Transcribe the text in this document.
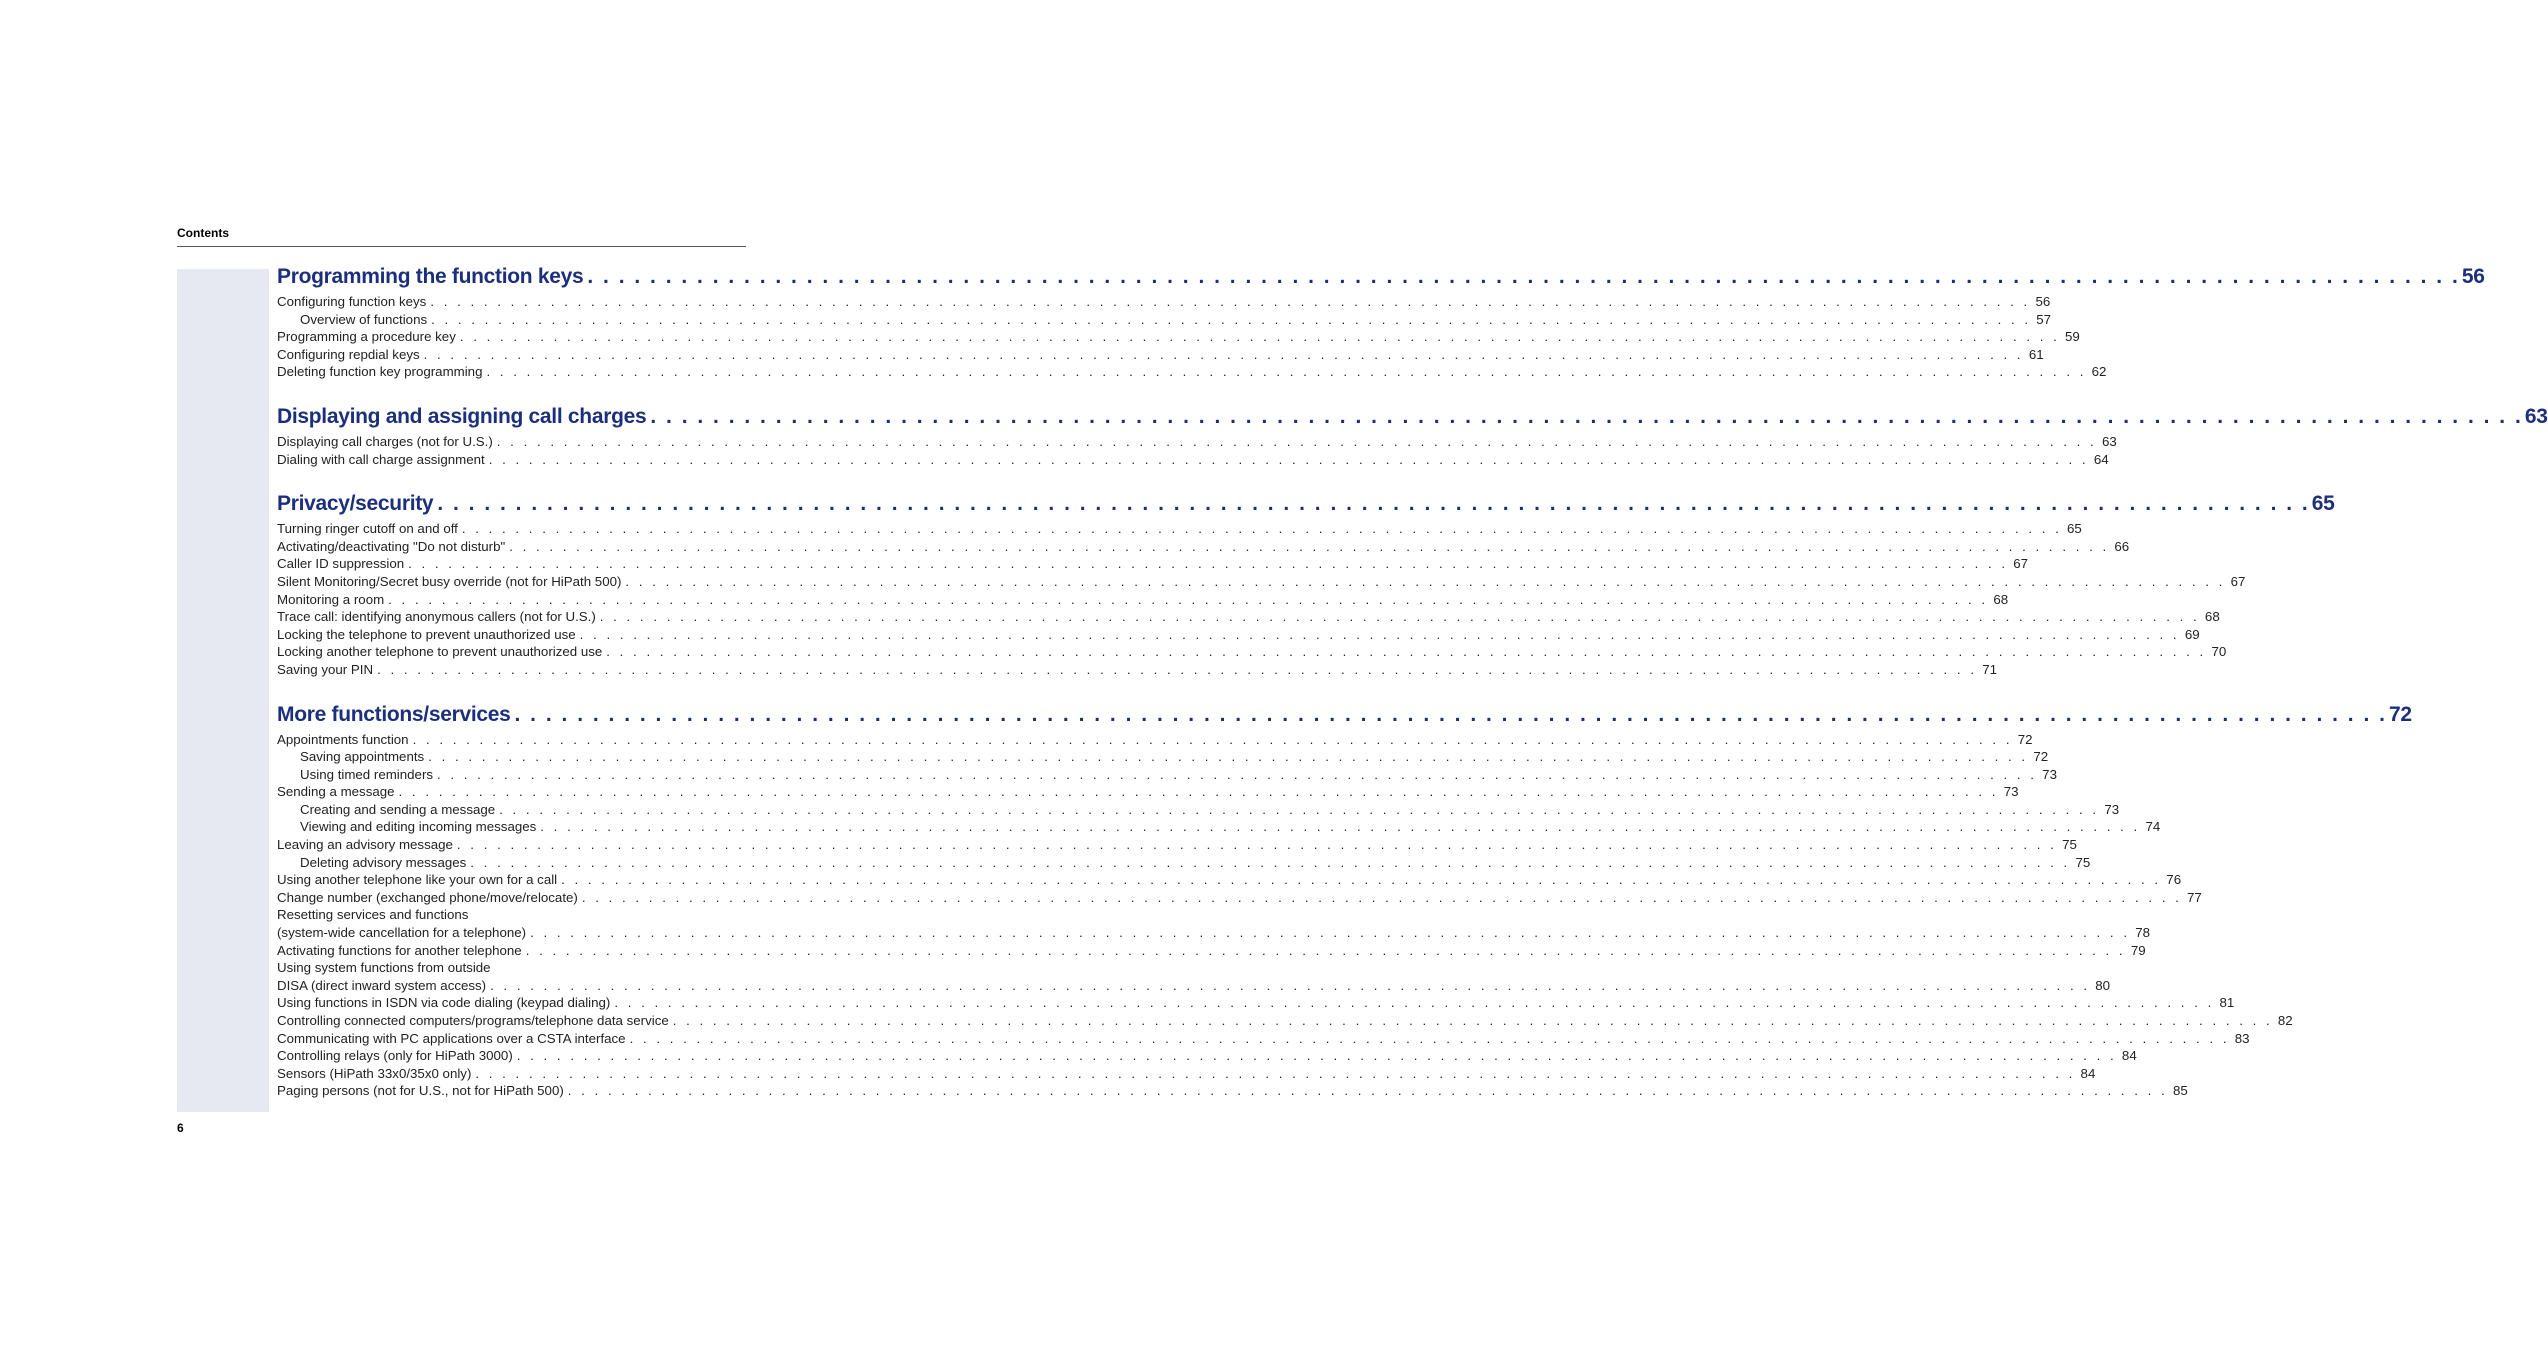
Contents
Programming the function keys . . . . . . . . . . . . . . . . . . . . . . . . . . . . . . . . . . . . . . . . . . . . . . . . . . . . . . . . . . . . . . . . . . . . . . . . . . . . . . . . . . . . . . . . . . . . . . . . . . . . . . . . . . . . . . . . . . . . . . . . 56
Configuring function keys . . . . . . . . . . . . . . . . . . . . . . . . . . . . . . . . . . . . . . . . . . . . . . . . . . . . . . . . . . . . . . . . . . . . . . . . . . . . . . . . . . . . . . . . . . . . . . . . . . . . . . . . . . . . . . . . . . . . . . . . 56
Overview of functions . . . . . . . . . . . . . . . . . . . . . . . . . . . . . . . . . . . . . . . . . . . . . . . . . . . . . . . . . . . . . . . . . . . . . . . . . . . . . . . . . . . . . . . . . . . . . . . . . . . . . . . . . . . . . . . . . . . . . . . . 57
Programming a procedure key . . . . . . . . . . . . . . . . . . . . . . . . . . . . . . . . . . . . . . . . . . . . . . . . . . . . . . . . . . . . . . . . . . . . . . . . . . . . . . . . . . . . . . . . . . . . . . . . . . . . . . . . . . . . . . . . . . . . . . . . 59
Configuring repdial keys . . . . . . . . . . . . . . . . . . . . . . . . . . . . . . . . . . . . . . . . . . . . . . . . . . . . . . . . . . . . . . . . . . . . . . . . . . . . . . . . . . . . . . . . . . . . . . . . . . . . . . . . . . . . . . . . . . . . . . . . 61
Deleting function key programming . . . . . . . . . . . . . . . . . . . . . . . . . . . . . . . . . . . . . . . . . . . . . . . . . . . . . . . . . . . . . . . . . . . . . . . . . . . . . . . . . . . . . . . . . . . . . . . . . . . . . . . . . . . . . . . . . . . . . . . . 62
Displaying and assigning call charges . . . . . . . . . . . . . . . . . . . . . . . . . . . . . . . . . . . . . . . . . . . . . . . . . . . . . . . . . . . . . . . . . . . . . . . . . . . . . . . . . . . . . . . . . . . . . . . . . . . . . . . . . . . . . . . . . . . . . . . . 63
Displaying call charges (not for U.S.) . . . . . . . . . . . . . . . . . . . . . . . . . . . . . . . . . . . . . . . . . . . . . . . . . . . . . . . . . . . . . . . . . . . . . . . . . . . . . . . . . . . . . . . . . . . . . . . . . . . . . . . . . . . . . . . . . . . . . . . . 63
Dialing with call charge assignment . . . . . . . . . . . . . . . . . . . . . . . . . . . . . . . . . . . . . . . . . . . . . . . . . . . . . . . . . . . . . . . . . . . . . . . . . . . . . . . . . . . . . . . . . . . . . . . . . . . . . . . . . . . . . . . . . . . . . . . . 64
Privacy/security . . . . . . . . . . . . . . . . . . . . . . . . . . . . . . . . . . . . . . . . . . . . . . . . . . . . . . . . . . . . . . . . . . . . . . . . . . . . . . . . . . . . . . . . . . . . . . . . . . . . . . . . . . . . . . . . . . . . . . . . 65
Turning ringer cutoff on and off . . . . . . . . . . . . . . . . . . . . . . . . . . . . . . . . . . . . . . . . . . . . . . . . . . . . . . . . . . . . . . . . . . . . . . . . . . . . . . . . . . . . . . . . . . . . . . . . . . . . . . . . . . . . . . . . . . . . . . . . 65
Activating/deactivating "Do not disturb" . . . . . . . . . . . . . . . . . . . . . . . . . . . . . . . . . . . . . . . . . . . . . . . . . . . . . . . . . . . . . . . . . . . . . . . . . . . . . . . . . . . . . . . . . . . . . . . . . . . . . . . . . . . . . . . . . . . . . . . . 66
Caller ID suppression . . . . . . . . . . . . . . . . . . . . . . . . . . . . . . . . . . . . . . . . . . . . . . . . . . . . . . . . . . . . . . . . . . . . . . . . . . . . . . . . . . . . . . . . . . . . . . . . . . . . . . . . . . . . . . . . . . . . . . . . 67
Silent Monitoring/Secret busy override (not for HiPath 500) . . . . . . . . . . . . . . . . . . . . . . . . . . . . . . . . . . . . . . . . . . . . . . . . . . . . . . . . . . . . . . . . . . . . . . . . . . . . . . . . . . . . . . . . . . . . . . . . . . . . . . . . . . . . . . . . . . . . . . . . 67
Monitoring a room . . . . . . . . . . . . . . . . . . . . . . . . . . . . . . . . . . . . . . . . . . . . . . . . . . . . . . . . . . . . . . . . . . . . . . . . . . . . . . . . . . . . . . . . . . . . . . . . . . . . . . . . . . . . . . . . . . . . . . . . 68
Trace call: identifying anonymous callers (not for U.S.) . . . . . . . . . . . . . . . . . . . . . . . . . . . . . . . . . . . . . . . . . . . . . . . . . . . . . . . . . . . . . . . . . . . . . . . . . . . . . . . . . . . . . . . . . . . . . . . . . . . . . . . . . . . . . . . . . . . . . . . . 68
Locking the telephone to prevent unauthorized use . . . . . . . . . . . . . . . . . . . . . . . . . . . . . . . . . . . . . . . . . . . . . . . . . . . . . . . . . . . . . . . . . . . . . . . . . . . . . . . . . . . . . . . . . . . . . . . . . . . . . . . . . . . . . . . . . . . . . . . . 69
Locking another telephone to prevent unauthorized use . . . . . . . . . . . . . . . . . . . . . . . . . . . . . . . . . . . . . . . . . . . . . . . . . . . . . . . . . . . . . . . . . . . . . . . . . . . . . . . . . . . . . . . . . . . . . . . . . . . . . . . . . . . . . . . . . . . . . . . . 70
Saving your PIN . . . . . . . . . . . . . . . . . . . . . . . . . . . . . . . . . . . . . . . . . . . . . . . . . . . . . . . . . . . . . . . . . . . . . . . . . . . . . . . . . . . . . . . . . . . . . . . . . . . . . . . . . . . . . . . . . . . . . . . . 71
More functions/services . . . . . . . . . . . . . . . . . . . . . . . . . . . . . . . . . . . . . . . . . . . . . . . . . . . . . . . . . . . . . . . . . . . . . . . . . . . . . . . . . . . . . . . . . . . . . . . . . . . . . . . . . . . . . . . . . . . . . . . . 72
Appointments function . . . . . . . . . . . . . . . . . . . . . . . . . . . . . . . . . . . . . . . . . . . . . . . . . . . . . . . . . . . . . . . . . . . . . . . . . . . . . . . . . . . . . . . . . . . . . . . . . . . . . . . . . . . . . . . . . . . . . . . . 72
Saving appointments . . . . . . . . . . . . . . . . . . . . . . . . . . . . . . . . . . . . . . . . . . . . . . . . . . . . . . . . . . . . . . . . . . . . . . . . . . . . . . . . . . . . . . . . . . . . . . . . . . . . . . . . . . . . . . . . . . . . . . . . 72
Using timed reminders . . . . . . . . . . . . . . . . . . . . . . . . . . . . . . . . . . . . . . . . . . . . . . . . . . . . . . . . . . . . . . . . . . . . . . . . . . . . . . . . . . . . . . . . . . . . . . . . . . . . . . . . . . . . . . . . . . . . . . . . 73
Sending a message . . . . . . . . . . . . . . . . . . . . . . . . . . . . . . . . . . . . . . . . . . . . . . . . . . . . . . . . . . . . . . . . . . . . . . . . . . . . . . . . . . . . . . . . . . . . . . . . . . . . . . . . . . . . . . . . . . . . . . . . 73
Creating and sending a message . . . . . . . . . . . . . . . . . . . . . . . . . . . . . . . . . . . . . . . . . . . . . . . . . . . . . . . . . . . . . . . . . . . . . . . . . . . . . . . . . . . . . . . . . . . . . . . . . . . . . . . . . . . . . . . . . . . . . . . . 73
Viewing and editing incoming messages . . . . . . . . . . . . . . . . . . . . . . . . . . . . . . . . . . . . . . . . . . . . . . . . . . . . . . . . . . . . . . . . . . . . . . . . . . . . . . . . . . . . . . . . . . . . . . . . . . . . . . . . . . . . . . . . . . . . . . . . 74
Leaving an advisory message . . . . . . . . . . . . . . . . . . . . . . . . . . . . . . . . . . . . . . . . . . . . . . . . . . . . . . . . . . . . . . . . . . . . . . . . . . . . . . . . . . . . . . . . . . . . . . . . . . . . . . . . . . . . . . . . . . . . . . . . 75
Deleting advisory messages . . . . . . . . . . . . . . . . . . . . . . . . . . . . . . . . . . . . . . . . . . . . . . . . . . . . . . . . . . . . . . . . . . . . . . . . . . . . . . . . . . . . . . . . . . . . . . . . . . . . . . . . . . . . . . . . . . . . . . . . 75
Using another telephone like your own for a call . . . . . . . . . . . . . . . . . . . . . . . . . . . . . . . . . . . . . . . . . . . . . . . . . . . . . . . . . . . . . . . . . . . . . . . . . . . . . . . . . . . . . . . . . . . . . . . . . . . . . . . . . . . . . . . . . . . . . . . . 76
Change number (exchanged phone/move/relocate) . . . . . . . . . . . . . . . . . . . . . . . . . . . . . . . . . . . . . . . . . . . . . . . . . . . . . . . . . . . . . . . . . . . . . . . . . . . . . . . . . . . . . . . . . . . . . . . . . . . . . . . . . . . . . . . . . . . . . . . . 77
Resetting services and functions
(system-wide cancellation for a telephone) . . . . . . . . . . . . . . . . . . . . . . . . . . . . . . . . . . . . . . . . . . . . . . . . . . . . . . . . . . . . . . . . . . . . . . . . . . . . . . . . . . . . . . . . . . . . . . . . . . . . . . . . . . . . . . . . . . . . . . . . 78
Activating functions for another telephone . . . . . . . . . . . . . . . . . . . . . . . . . . . . . . . . . . . . . . . . . . . . . . . . . . . . . . . . . . . . . . . . . . . . . . . . . . . . . . . . . . . . . . . . . . . . . . . . . . . . . . . . . . . . . . . . . . . . . . . . 79
Using system functions from outside
DISA (direct inward system access) . . . . . . . . . . . . . . . . . . . . . . . . . . . . . . . . . . . . . . . . . . . . . . . . . . . . . . . . . . . . . . . . . . . . . . . . . . . . . . . . . . . . . . . . . . . . . . . . . . . . . . . . . . . . . . . . . . . . . . . . 80
Using functions in ISDN via code dialing (keypad dialing) . . . . . . . . . . . . . . . . . . . . . . . . . . . . . . . . . . . . . . . . . . . . . . . . . . . . . . . . . . . . . . . . . . . . . . . . . . . . . . . . . . . . . . . . . . . . . . . . . . . . . . . . . . . . . . . . . . . . . . . . 81
Controlling connected computers/programs/telephone data service . . . . . . . . . . . . . . . . . . . . . . . . . . . . . . . . . . . . . . . . . . . . . . . . . . . . . . . . . . . . . . . . . . . . . . . . . . . . . . . . . . . . . . . . . . . . . . . . . . . . . . . . . . . . . . . . . . . . . . . . 82
Communicating with PC applications over a CSTA interface . . . . . . . . . . . . . . . . . . . . . . . . . . . . . . . . . . . . . . . . . . . . . . . . . . . . . . . . . . . . . . . . . . . . . . . . . . . . . . . . . . . . . . . . . . . . . . . . . . . . . . . . . . . . . . . . . . . . . . . . 83
Controlling relays (only for HiPath 3000) . . . . . . . . . . . . . . . . . . . . . . . . . . . . . . . . . . . . . . . . . . . . . . . . . . . . . . . . . . . . . . . . . . . . . . . . . . . . . . . . . . . . . . . . . . . . . . . . . . . . . . . . . . . . . . . . . . . . . . . . 84
Sensors (HiPath 33x0/35x0 only) . . . . . . . . . . . . . . . . . . . . . . . . . . . . . . . . . . . . . . . . . . . . . . . . . . . . . . . . . . . . . . . . . . . . . . . . . . . . . . . . . . . . . . . . . . . . . . . . . . . . . . . . . . . . . . . . . . . . . . . . 84
Paging persons (not for U.S., not for HiPath 500) . . . . . . . . . . . . . . . . . . . . . . . . . . . . . . . . . . . . . . . . . . . . . . . . . . . . . . . . . . . . . . . . . . . . . . . . . . . . . . . . . . . . . . . . . . . . . . . . . . . . . . . . . . . . . . . . . . . . . . . . 85
6
